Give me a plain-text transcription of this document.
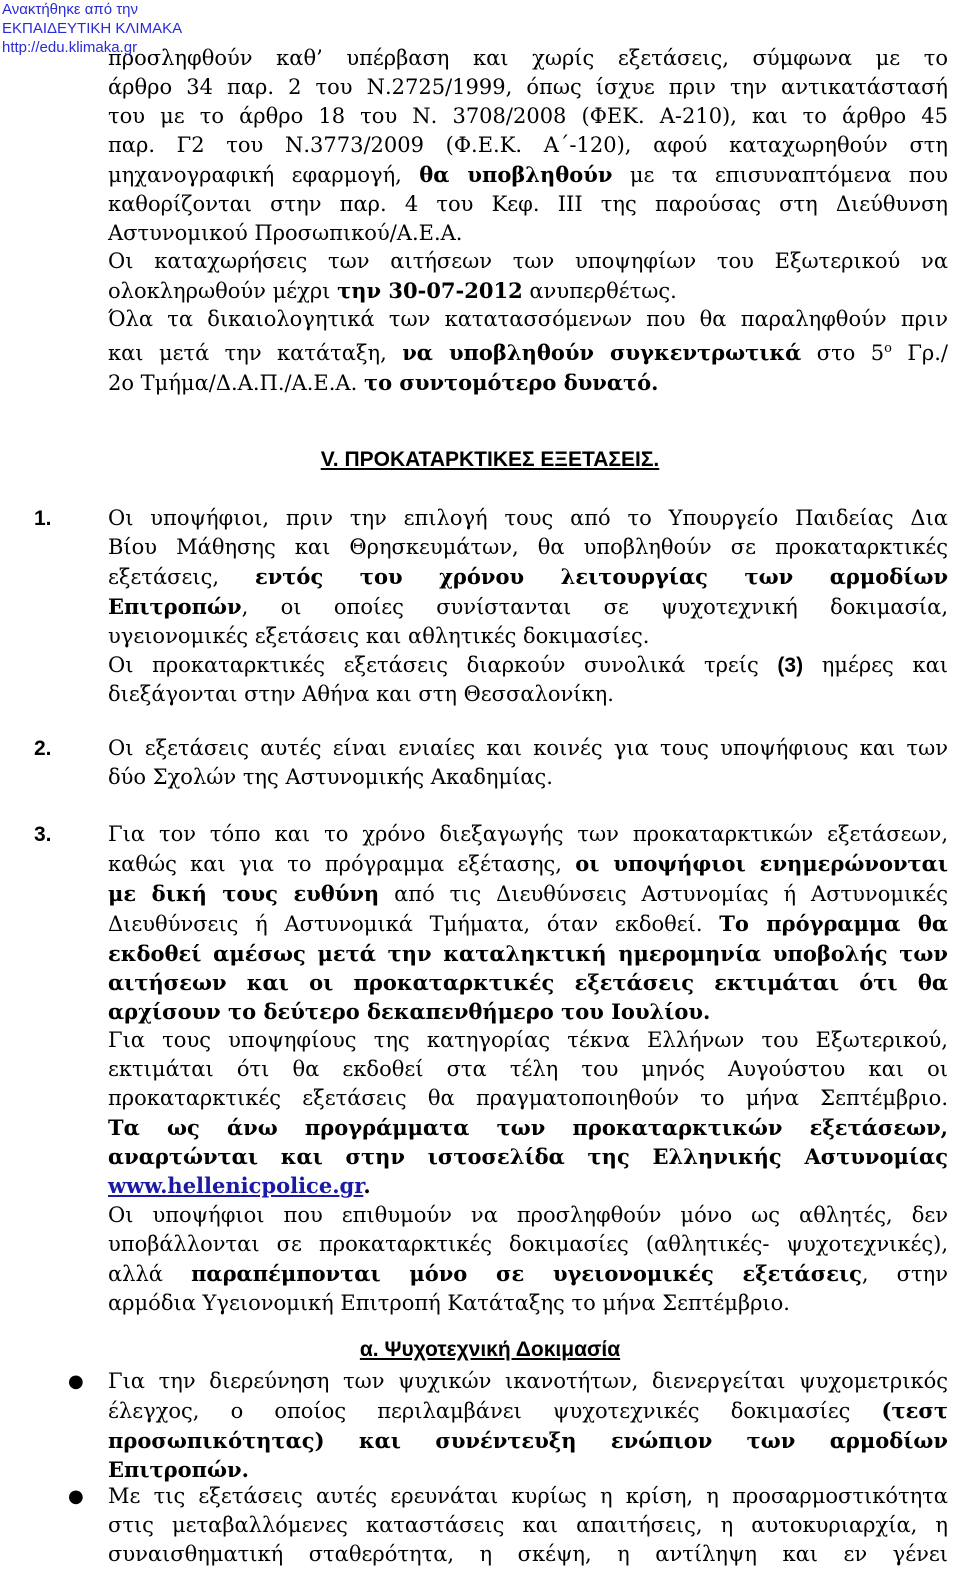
Ανακτήθηκε από την
ΕΚΠΑΙΔΕΥΤΙΚΗ ΚΛΙΜΑΚΑ
http://edu.klimaka.gr
προσληφθούν καθ’ υπέρβαση και χωρίς εξετάσεις, σύμφωνα με το
άρθρο 34 παρ. 2 του Ν.2725/1999, όπως ίσχυε πριν την αντικατάστασή
του με το άρθρο 18 του Ν. 3708/2008 (ΦΕΚ. Α-210), και το άρθρο 45
παρ. Γ2 του Ν.3773/2009 (Φ.Ε.Κ. Α΄-120), αφού καταχωρηθούν στη
μηχανογραφική εφαρμογή, θα υποβληθούν με τα επισυναπτόμενα που
καθορίζονται στην παρ. 4 του Κεφ. ΙΙΙ της παρούσας στη Διεύθυνση
Αστυνομικού Προσωπικού/Α.Ε.Α.
Οι καταχωρήσεις των αιτήσεων των υποψηφίων του Εξωτερικού να
ολοκληρωθούν μέχρι την 30-07-2012 ανυπερθέτως.
Όλα τα δικαιολογητικά των κατατασσόμενων που θα παραληφθούν πριν
και μετά την κατάταξη, να υποβληθούν συγκεντρωτικά στο $5^o$ Γρ./
2ο Τμήμα/Δ.Α.Π./Α.Ε.Α. το συντομότερο δυνατό.
V. ΠΡΟΚΑΤΑΡΚΤΙΚΕΣ ΕΞΕΤΑΣΕΙΣ.
1.	Οι υποψήφιοι, πριν την επιλογή τους από το Υπουργείο Παιδείας Δια
Βίου Μάθησης και Θρησκευμάτων, θα υποβληθούν σε προκαταρκτικές
εξετάσεις, εντός του χρόνου λειτουργίας των αρμοδίων
Επιτροπών, οι οποίες συνίστανται σε ψυχοτεχνική δοκιμασία,
υγειονομικές εξετάσεις και αθλητικές δοκιμασίες.
Οι προκαταρκτικές εξετάσεις διαρκούν συνολικά τρείς (3) ημέρες και
διεξάγονται στην Αθήνα και στη Θεσσαλονίκη.
2.	Οι εξετάσεις αυτές είναι ενιαίες και κοινές για τους υποψήφιους και των
δύο Σχολών της Αστυνομικής Ακαδημίας.
3.	Για τον τόπο και το χρόνο διεξαγωγής των προκαταρκτικών εξετάσεων,
καθώς και για το πρόγραμμα εξέτασης, οι υποψήφιοι ενημερώνονται
με δική τους ευθύνη από τις Διευθύνσεις Αστυνομίας ή Αστυνομικές
Διευθύνσεις ή Αστυνομικά Τμήματα, όταν εκδοθεί. Το πρόγραμμα θα
εκδοθεί αμέσως μετά την καταληκτική ημερομηνία υποβολής των
αιτήσεων και οι προκαταρκτικές εξετάσεις εκτιμάται ότι θα
αρχίσουν το δεύτερο δεκαπενθήμερο του Ιουλίου.
Για τους υποψηφίους της κατηγορίας τέκνα Ελλήνων του Εξωτερικού,
εκτιμάται ότι θα εκδοθεί στα τέλη του μηνός Αυγούστου και οι
προκαταρκτικές εξετάσεις θα πραγματοποιηθούν το μήνα Σεπτέμβριο.
Τα ως άνω προγράμματα των προκαταρκτικών εξετάσεων,
αναρτώνται και στην ιστοσελίδα της Ελληνικής Αστυνομίας
www.hellenicpolice.gr.
Οι υποψήφιοι που επιθυμούν να προσληφθούν μόνο ως αθλητές, δεν
υποβάλλονται σε προκαταρκτικές δοκιμασίες (αθλητικές- ψυχοτεχνικές),
αλλά παραπέμπονται μόνο σε υγειονομικές εξετάσεις, στην
αρμόδια Υγειονομική Επιτροπή Κατάταξης το μήνα Σεπτέμβριο.
α. Ψυχοτεχνική Δοκιμασία
● Για την διερεύνηση των ψυχικών ικανοτήτων, διενεργείται ψυχομετρικός
έλεγχος, ο οποίος περιλαμβάνει ψυχοτεχνικές δοκιμασίες (τεστ
προσωπικότητας) και συνέντευξη ενώπιον των αρμοδίων
Επιτροπών.
● Με τις εξετάσεις αυτές ερευνάται κυρίως η κρίση, η προσαρμοστικότητα
στις μεταβαλλόμενες καταστάσεις και απαιτήσεις, η αυτοκυριαρχία, η
συναισθηματική σταθερότητα, η σκέψη, η αντίληψη και εν γένει
